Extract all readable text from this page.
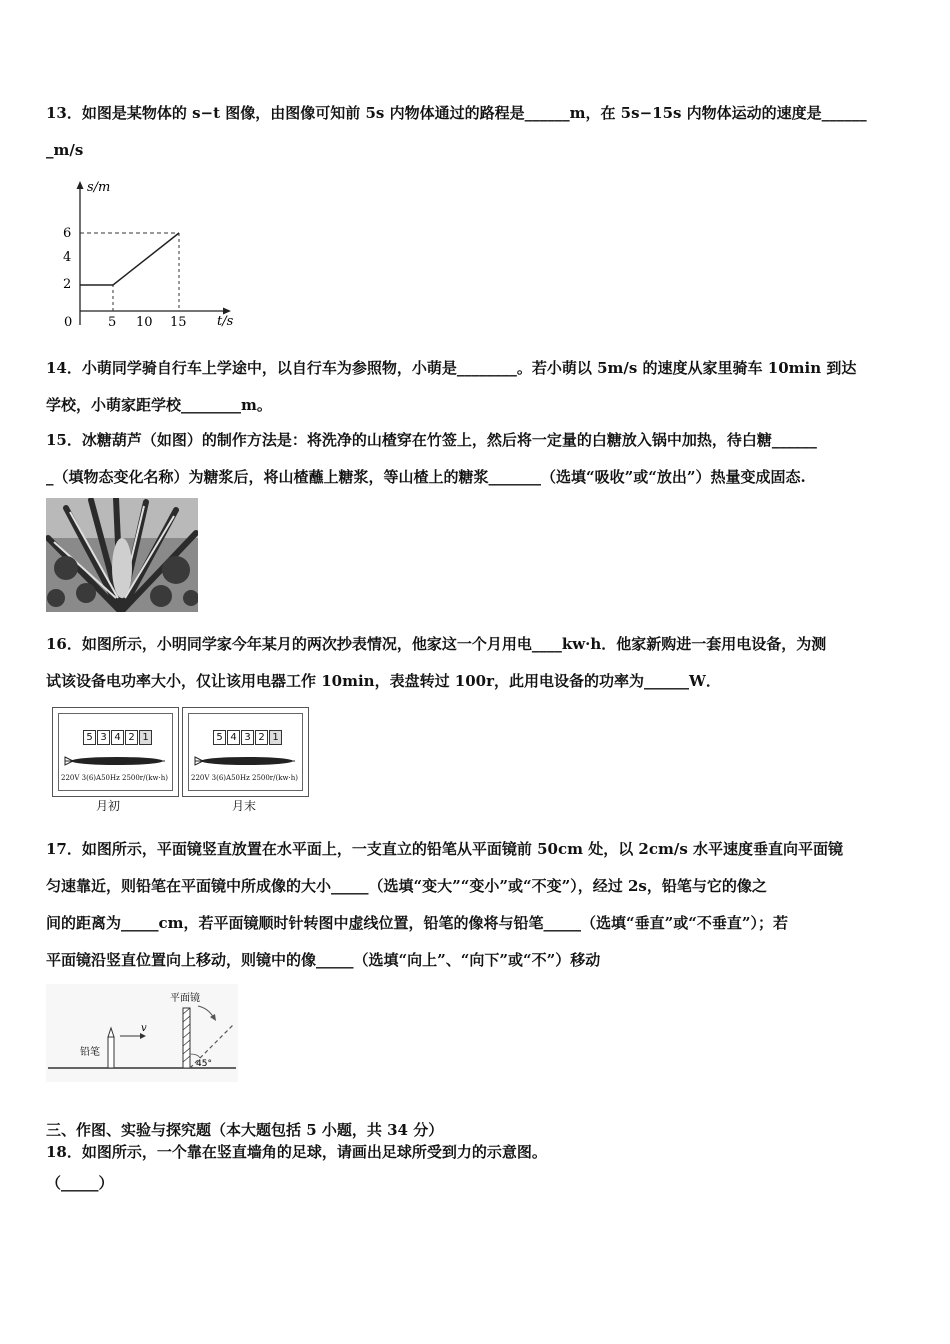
13．如图是某物体的 s−t 图像，由图像可知前 5s 内物体通过的路程是______m，在 5s−15s 内物体运动的速度是______
_m/s
s/m
t/s
0	5 10 15
2
4
6
14．小萌同学骑自行车上学途中，以自行车为参照物，小萌是________。若小萌以 5m/s 的速度从家里骑车 10min 到达
学校，小萌家距学校________m。
15．冰糖葫芦（如图）的制作方法是：将洗净的山楂穿在竹签上，然后将一定量的白糖放入锅中加热，待白糖______
_（填物态变化名称）为糖浆后，将山楂蘸上糖浆，等山楂上的糖浆_______（选填“吸收”或“放出”）热量变成固态.
16．如图所示，小明同学家今年某月的两次抄表情况，他家这一个月用电____kw·h．他家新购进一套用电设备，为测
试该设备电功率大小，仅让该用电器工作 10min，表盘转过 100r，此用电设备的功率为______W．
5 3 4 2 1
220V 3(6)A50Hz 2500r/(kw·h)
月初
5 4 3 2 1
220V 3(6)A50Hz 2500r/(kw·h)
月末
17．如图所示，平面镜竖直放置在水平面上，一支直立的铅笔从平面镜前 50cm 处，以 2cm/s 水平速度垂直向平面镜
匀速靠近，则铅笔在平面镜中所成像的大小_____（选填“变大”“变小”或“不变”），经过 2s，铅笔与它的像之
间的距离为_____cm，若平面镜顺时针转图中虚线位置，铅笔的像将与铅笔_____（选填“垂直”或“不垂直”）；若
平面镜沿竖直位置向上移动，则镜中的像_____（选填“向上”、“向下”或“不”）移动
平面镜
铅笔
v
45°
三、作图、实验与探究题（本大题包括 5 小题，共 34 分）
18．如图所示，一个靠在竖直墙角的足球，请画出足球所受到力的示意图。
（_____）
